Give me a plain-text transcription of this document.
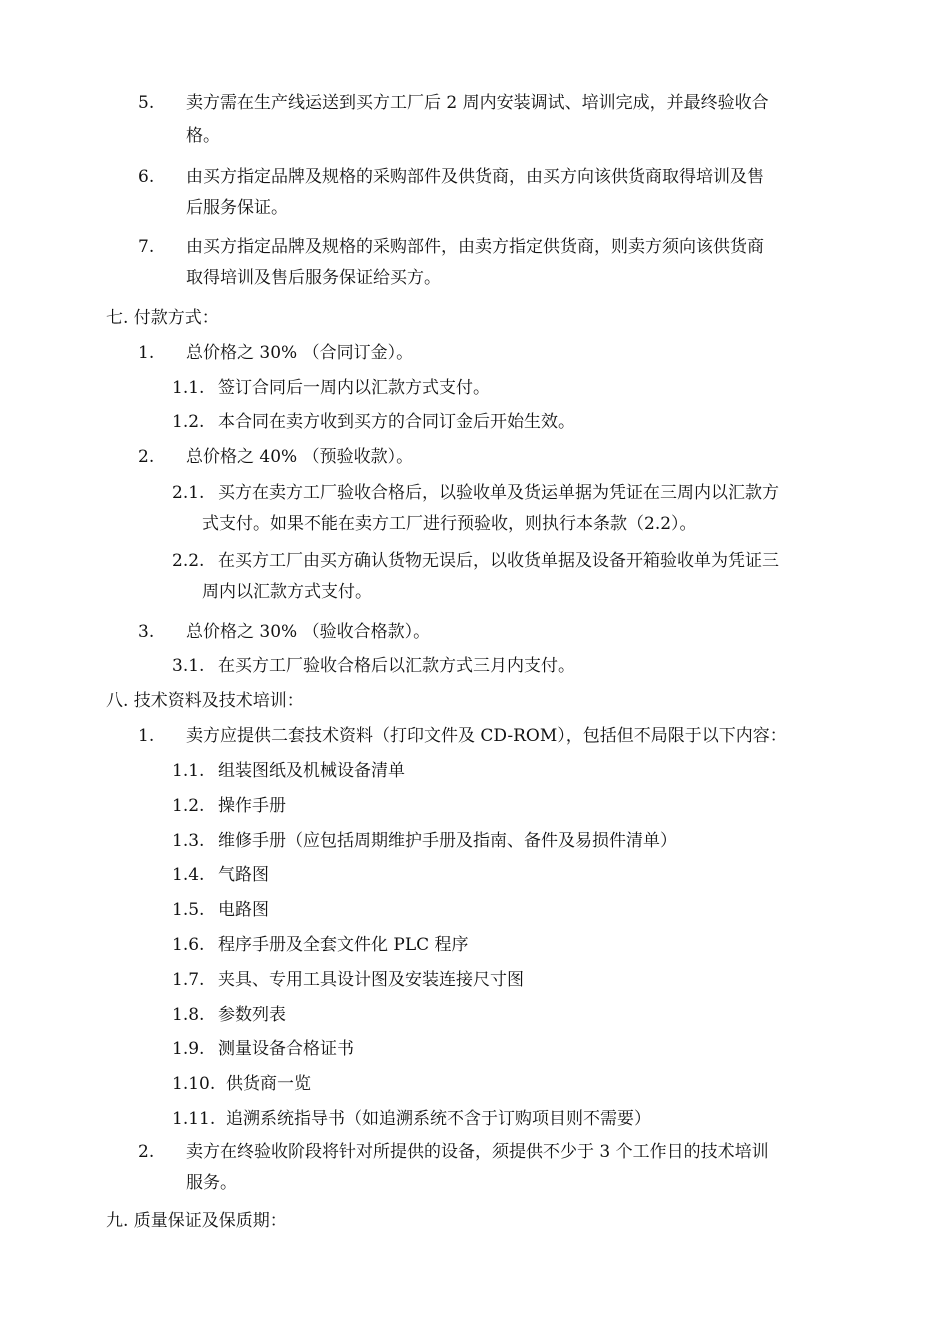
5. 卖方需在生产线运送到买方工厂后 2 周内安装调试、培训完成，并最终验收合
格。
6. 由买方指定品牌及规格的采购部件及供货商，由买方向该供货商取得培训及售
后服务保证。
7. 由买方指定品牌及规格的采购部件，由卖方指定供货商，则卖方须向该供货商
取得培训及售后服务保证给买方。
七. 付款方式：
1. 总价格之 30% （合同订金）。
1.1. 签订合同后一周内以汇款方式支付。
1.2. 本合同在卖方收到买方的合同订金后开始生效。
2. 总价格之 40% （预验收款）。
2.1. 买方在卖方工厂验收合格后，以验收单及货运单据为凭证在三周内以汇款方
式支付。如果不能在卖方工厂进行预验收，则执行本条款（2.2）。
2.2. 在买方工厂由买方确认货物无误后，以收货单据及设备开箱验收单为凭证三
周内以汇款方式支付。
3. 总价格之 30% （验收合格款）。
3.1. 在买方工厂验收合格后以汇款方式三月内支付。
八. 技术资料及技术培训：
1. 卖方应提供二套技术资料（打印文件及 CD-ROM），包括但不局限于以下内容：
1.1. 组装图纸及机械设备清单
1.2. 操作手册
1.3. 维修手册（应包括周期维护手册及指南、备件及易损件清单）
1.4. 气路图
1.5. 电路图
1.6. 程序手册及全套文件化 PLC 程序
1.7. 夹具、专用工具设计图及安装连接尺寸图
1.8. 参数列表
1.9. 测量设备合格证书
1.10. 供货商一览
1.11. 追溯系统指导书（如追溯系统不含于订购项目则不需要）
2. 卖方在终验收阶段将针对所提供的设备，须提供不少于 3 个工作日的技术培训
服务。
九. 质量保证及保质期：
